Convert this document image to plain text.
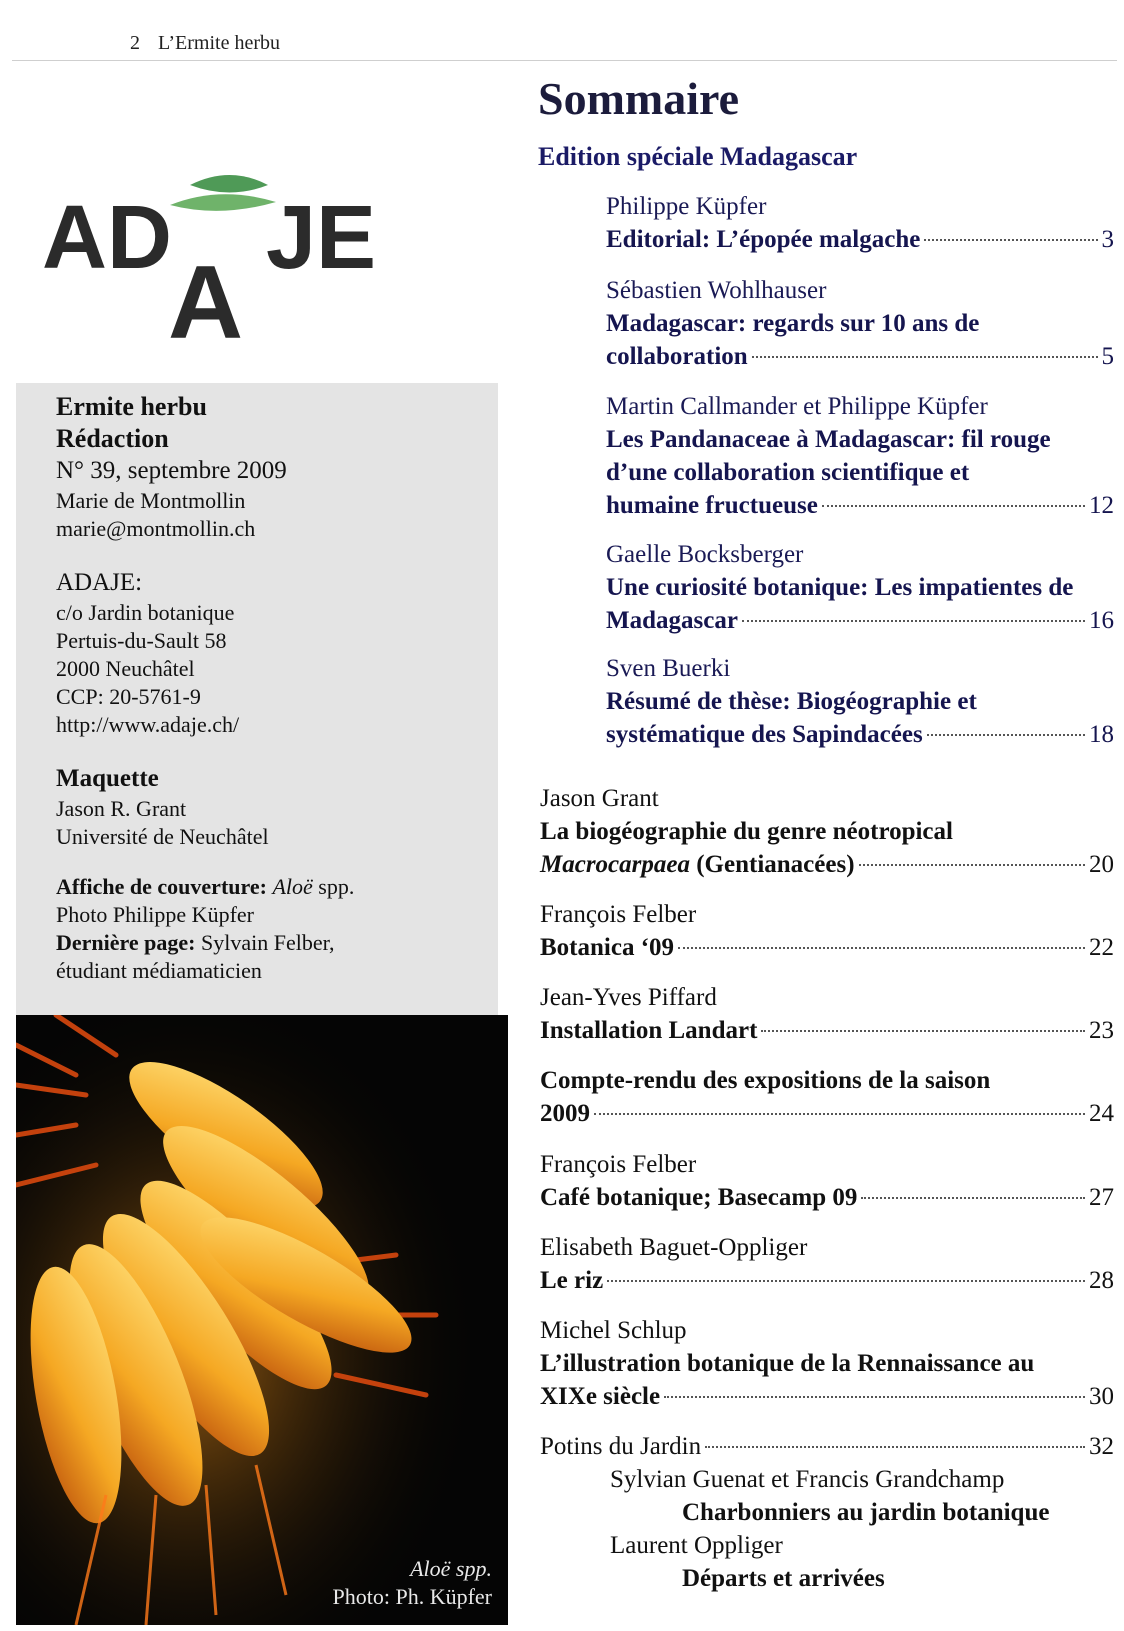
2 L’Ermite herbu
AD
A
JE

Ermite herbu

Rédaction

N° 39, septembre 2009

Marie de Montmollin

marie@montmollin.ch

ADAJE:

c/o Jardin botanique

Pertuis-du-Sault 58

2000 Neuchâtel

CCP: 20-5761-9

http://www.adaje.ch/

Maquette

Jason R. Grant

Université de Neuchâtel

Affiche de couverture: Aloë spp.

Photo Philippe Küpfer

Dernière page: Sylvain Felber,

étudiant médiamaticien

Aloë spp.
Photo: Ph. Küpfer
Sommaire
Edition spéciale Madagascar
Philippe Küpfer
Editorial: L’épopée malgache	3
Sébastien Wohlhauser
Madagascar: regards sur 10 ans de
collaboration	5
Martin Callmander et Philippe Küpfer
Les Pandanaceae à Madagascar: fil rouge
d’une collaboration scientifique et
humaine fructueuse	12
Gaelle Bocksberger
Une curiosité botanique: Les impatientes de
Madagascar	16
Sven Buerki
Résumé de thèse: Biogéographie et
systématique des Sapindacées	18
Jason Grant
La biogéographie du genre néotropical
Macrocarpaea (Gentianacées)	20
François Felber
Botanica ‘09	22
Jean-Yves Piffard
Installation Landart	23
Compte-rendu des expositions de la saison
2009	24
François Felber
Café botanique; Basecamp 09	27
Elisabeth Baguet-Oppliger
Le riz	28
Michel Schlup
L’illustration botanique de la Rennaissance au
XIXe siècle	30
Potins du Jardin	32
Sylvian Guenat et Francis Grandchamp
Charbonniers au jardin botanique
Laurent Oppliger
Départs et arrivées
